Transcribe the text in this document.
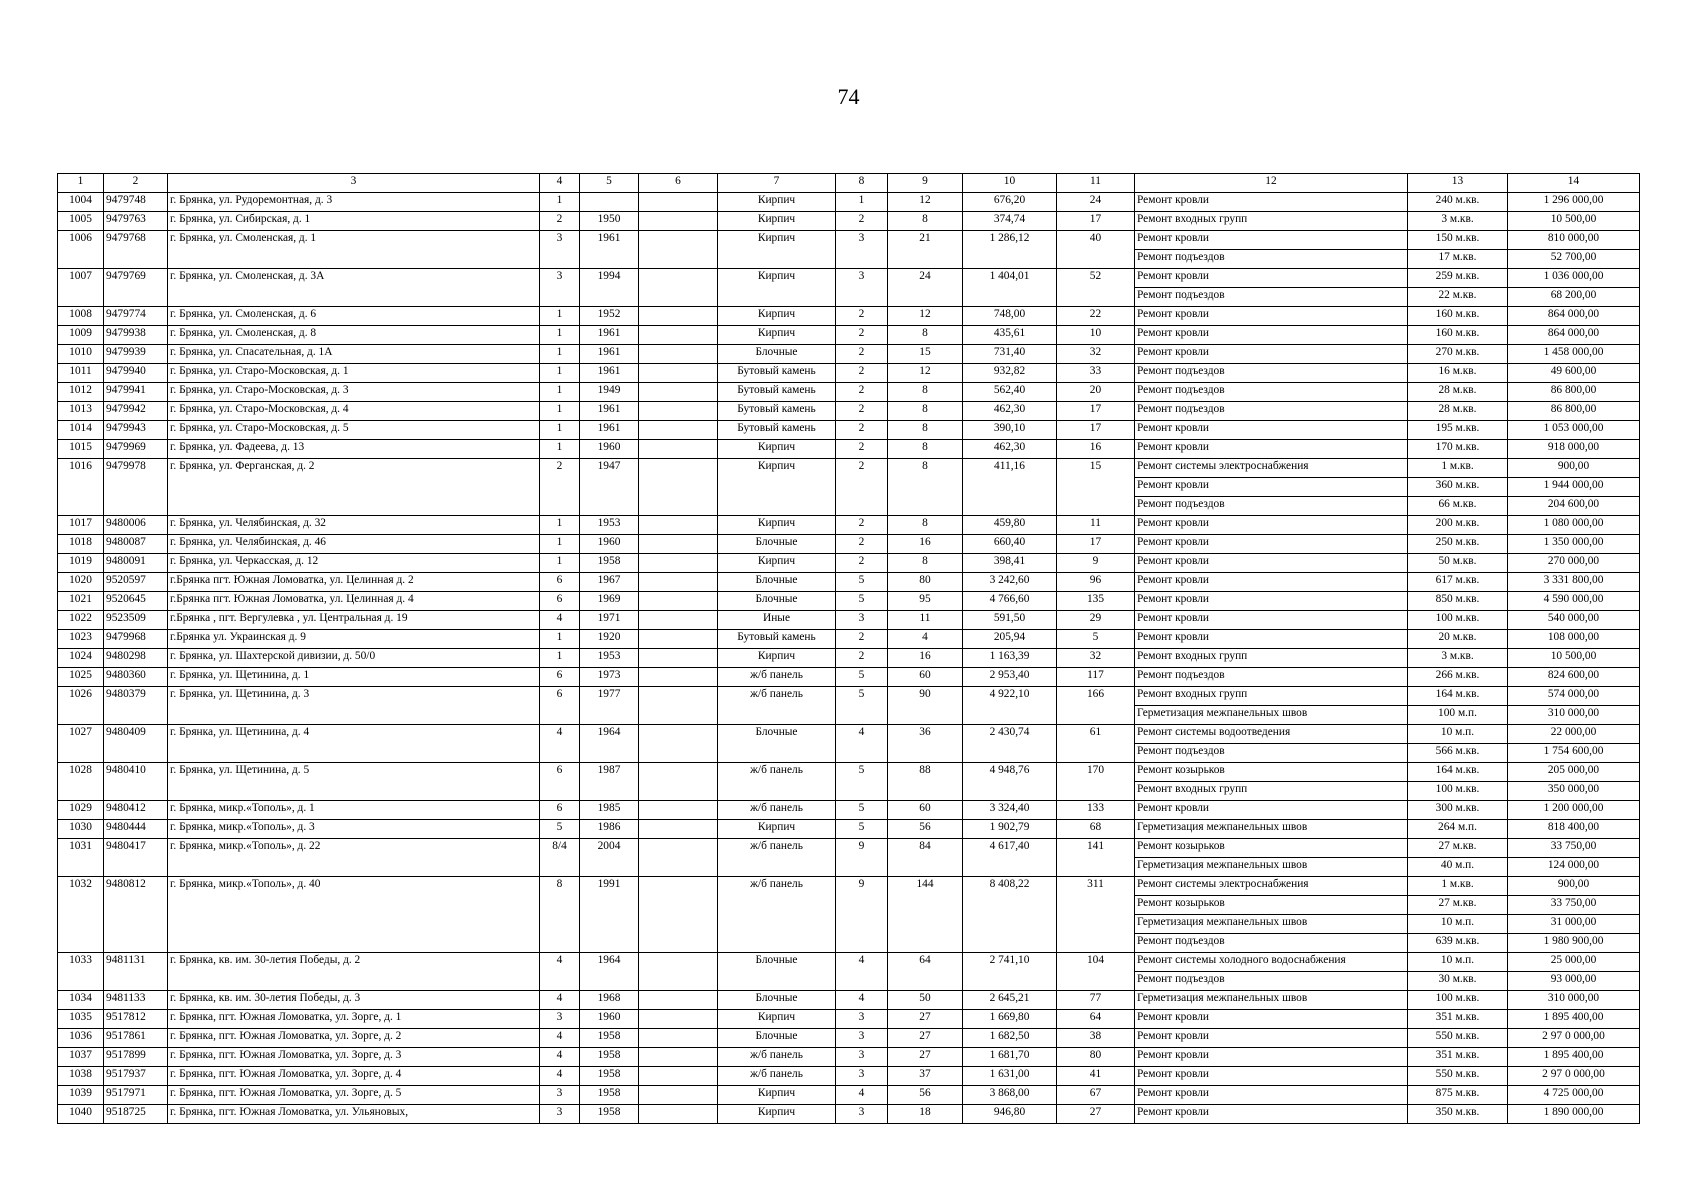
74
1	2	3	4	5	6	7	8	9	10	11	12	13	14
1004	9479748	г. Брянка, ул. Рудоремонтная, д. 3	1			Кирпич	1	12	676,20	24	Ремонт кровли	240 м.кв.	1 296 000,00
1005	9479763	г. Брянка, ул. Сибирская, д. 1	2	1950		Кирпич	2	8	374,74	17	Ремонт входных групп	3 м.кв.	10 500,00
1006	9479768	г. Брянка, ул. Смоленская, д. 1	3	1961		Кирпич	3	21	1 286,12	40	Ремонт кровли	150 м.кв.	810 000,00
											Ремонт подъездов	17 м.кв.	52 700,00
1007	9479769	г. Брянка, ул. Смоленская, д. 3А	3	1994		Кирпич	3	24	1 404,01	52	Ремонт кровли	259 м.кв.	1 036 000,00
											Ремонт подъездов	22 м.кв.	68 200,00
1008	9479774	г. Брянка, ул. Смоленская, д. 6	1	1952		Кирпич	2	12	748,00	22	Ремонт кровли	160 м.кв.	864 000,00
1009	9479938	г. Брянка, ул. Смоленская, д. 8	1	1961		Кирпич	2	8	435,61	10	Ремонт кровли	160 м.кв.	864 000,00
1010	9479939	г. Брянка, ул. Спасательная, д. 1А	1	1961		Блочные	2	15	731,40	32	Ремонт кровли	270 м.кв.	1 458 000,00
1011	9479940	г. Брянка, ул. Старо-Московская, д. 1	1	1961		Бутовый камень	2	12	932,82	33	Ремонт подъездов	16 м.кв.	49 600,00
1012	9479941	г. Брянка, ул. Старо-Московская, д. 3	1	1949		Бутовый камень	2	8	562,40	20	Ремонт подъездов	28 м.кв.	86 800,00
1013	9479942	г. Брянка, ул. Старо-Московская, д. 4	1	1961		Бутовый камень	2	8	462,30	17	Ремонт подъездов	28 м.кв.	86 800,00
1014	9479943	г. Брянка, ул. Старо-Московская, д. 5	1	1961		Бутовый камень	2	8	390,10	17	Ремонт кровли	195 м.кв.	1 053 000,00
1015	9479969	г. Брянка, ул. Фадеева, д. 13	1	1960		Кирпич	2	8	462,30	16	Ремонт кровли	170 м.кв.	918 000,00
1016	9479978	г. Брянка, ул. Ферганская, д. 2	2	1947		Кирпич	2	8	411,16	15	Ремонт системы электроснабжения	1 м.кв.	900,00
											Ремонт кровли	360 м.кв.	1 944 000,00
											Ремонт подъездов	66 м.кв.	204 600,00
1017	9480006	г. Брянка, ул. Челябинская, д. 32	1	1953		Кирпич	2	8	459,80	11	Ремонт кровли	200 м.кв.	1 080 000,00
1018	9480087	г. Брянка, ул. Челябинская, д. 46	1	1960		Блочные	2	16	660,40	17	Ремонт кровли	250 м.кв.	1 350 000,00
1019	9480091	г. Брянка, ул. Черкасская, д. 12	1	1958		Кирпич	2	8	398,41	9	Ремонт кровли	50 м.кв.	270 000,00
1020	9520597	г.Брянка пгт. Южная Ломоватка, ул. Целинная д. 2	6	1967		Блочные	5	80	3 242,60	96	Ремонт кровли	617 м.кв.	3 331 800,00
1021	9520645	г.Брянка пгт. Южная Ломоватка, ул. Целинная д. 4	6	1969		Блочные	5	95	4 766,60	135	Ремонт кровли	850 м.кв.	4 590 000,00
1022	9523509	г.Брянка , пгт. Вергулевка , ул. Центральная д. 19	4	1971		Иные	3	11	591,50	29	Ремонт кровли	100 м.кв.	540 000,00
1023	9479968	г.Брянка ул. Украинская д. 9	1	1920		Бутовый камень	2	4	205,94	5	Ремонт кровли	20 м.кв.	108 000,00
1024	9480298	г. Брянка, ул. Шахтерской дивизии, д. 50/0	1	1953		Кирпич	2	16	1 163,39	32	Ремонт входных групп	3 м.кв.	10 500,00
1025	9480360	г. Брянка, ул. Щетинина, д. 1	6	1973		ж/б панель	5	60	2 953,40	117	Ремонт подъездов	266 м.кв.	824 600,00
1026	9480379	г. Брянка, ул. Щетинина, д. 3	6	1977		ж/б панель	5	90	4 922,10	166	Ремонт входных групп	164 м.кв.	574 000,00
											Герметизация межпанельных швов	100 м.п.	310 000,00
1027	9480409	г. Брянка, ул. Щетинина, д. 4	4	1964		Блочные	4	36	2 430,74	61	Ремонт системы водоотведения	10 м.п.	22 000,00
											Ремонт подъездов	566 м.кв.	1 754 600,00
1028	9480410	г. Брянка, ул. Щетинина, д. 5	6	1987		ж/б панель	5	88	4 948,76	170	Ремонт козырьков	164 м.кв.	205 000,00
											Ремонт входных групп	100 м.кв.	350 000,00
1029	9480412	г. Брянка, микр.«Тополь», д. 1	6	1985		ж/б панель	5	60	3 324,40	133	Ремонт кровли	300 м.кв.	1 200 000,00
1030	9480444	г. Брянка, микр.«Тополь», д. 3	5	1986		Кирпич	5	56	1 902,79	68	Герметизация межпанельных швов	264 м.п.	818 400,00
1031	9480417	г. Брянка, микр.«Тополь», д. 22	8/4	2004		ж/б панель	9	84	4 617,40	141	Ремонт козырьков	27 м.кв.	33 750,00
											Герметизация межпанельных швов	40 м.п.	124 000,00
1032	9480812	г. Брянка, микр.«Тополь», д. 40	8	1991		ж/б панель	9	144	8 408,22	311	Ремонт системы электроснабжения	1 м.кв.	900,00
											Ремонт козырьков	27 м.кв.	33 750,00
											Герметизация межпанельных швов	10 м.п.	31 000,00
											Ремонт подъездов	639 м.кв.	1 980 900,00
1033	9481131	г. Брянка, кв. им. 30-летия Победы, д. 2	4	1964		Блочные	4	64	2 741,10	104	Ремонт системы холодного водоснабжения	10 м.п.	25 000,00
											Ремонт подъездов	30 м.кв.	93 000,00
1034	9481133	г. Брянка, кв. им. 30-летия Победы, д. 3	4	1968		Блочные	4	50	2 645,21	77	Герметизация межпанельных швов	100 м.кв.	310 000,00
1035	9517812	г. Брянка, пгт. Южная Ломоватка, ул. Зорге, д. 1	3	1960		Кирпич	3	27	1 669,80	64	Ремонт кровли	351 м.кв.	1 895 400,00
1036	9517861	г. Брянка, пгт. Южная Ломоватка, ул. Зорге, д. 2	4	1958		Блочные	3	27	1 682,50	38	Ремонт кровли	550 м.кв.	2 97 0 000,00
1037	9517899	г. Брянка, пгт. Южная Ломоватка, ул. Зорге, д. 3	4	1958		ж/б панель	3	27	1 681,70	80	Ремонт кровли	351 м.кв.	1 895 400,00
1038	9517937	г. Брянка, пгт. Южная Ломоватка, ул. Зорге, д. 4	4	1958		ж/б панель	3	37	1 631,00	41	Ремонт кровли	550 м.кв.	2 97 0 000,00
1039	9517971	г. Брянка, пгт. Южная Ломоватка, ул. Зорге, д. 5	3	1958		Кирпич	4	56	3 868,00	67	Ремонт кровли	875 м.кв.	4 725 000,00
1040	9518725	г. Брянка, пгт. Южная Ломоватка, ул. Ульяновых,	3	1958		Кирпич	3	18	946,80	27	Ремонт кровли	350 м.кв.	1 890 000,00
